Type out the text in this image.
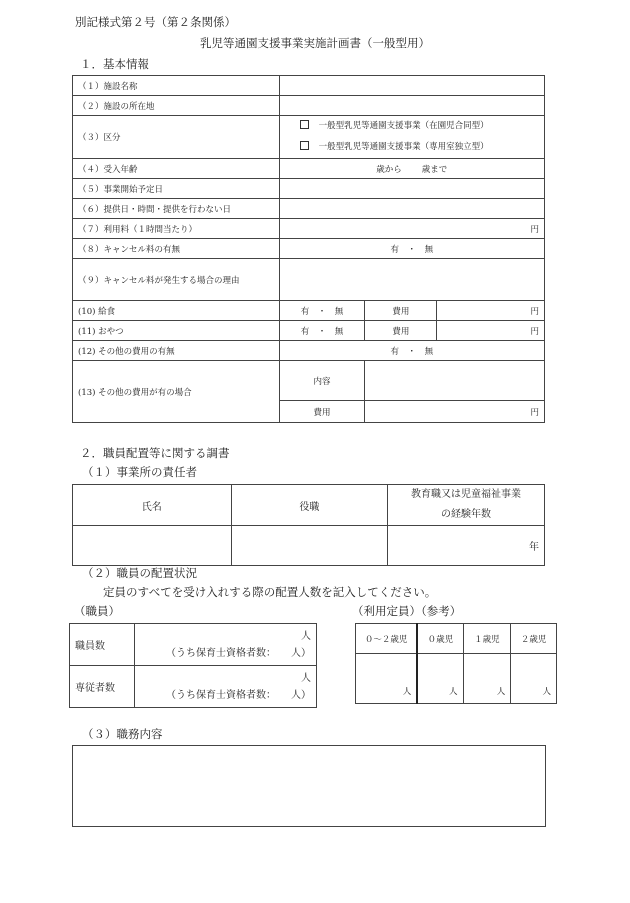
別記様式第２号（第２条関係）
乳児等通園支援事業実施計画書（一般型用）
１．基本情報
（１）施設名称			
（２）施設の所在地			
（３）区分	一般型乳児等通園支援事業（在園児合同型）
一般型乳児等通園支援事業（専用室独立型）		

（４）受入年齢	歳から 歳まで		
（５）事業開始予定日			
（６）提供日・時間・提供を行わない日			
（７）利用料（１時間当たり）	円		
（８）キャンセル料の有無	有　 ・　 無		
（９）キャンセル料が発生する場合の理由			
(10) 給食	有　 ・　 無	費用	円
(11) おやつ	有　 ・　 無	費用	円
(12) その他の費用の有無	有　 ・　 無		
(13) その他の費用が有の場合	内容		
	費用	円	
２．職員配置等に関する調書
（１）事業所の責任者
氏名	役職	教育職又は児童福祉事業
の経験年数

		年
（２）職員の配置状況
定員のすべてを受け入れする際の配置人数を記入してください。
（職員）	（利用定員）（参考）
職員数	人
（うち保育士資格者数：　　 人）

専従者数	人
（うち保育士資格者数：　　 人）
０～２歳児	０歳児	１歳児	２歳児
人	人	人	人
（３）職務内容
